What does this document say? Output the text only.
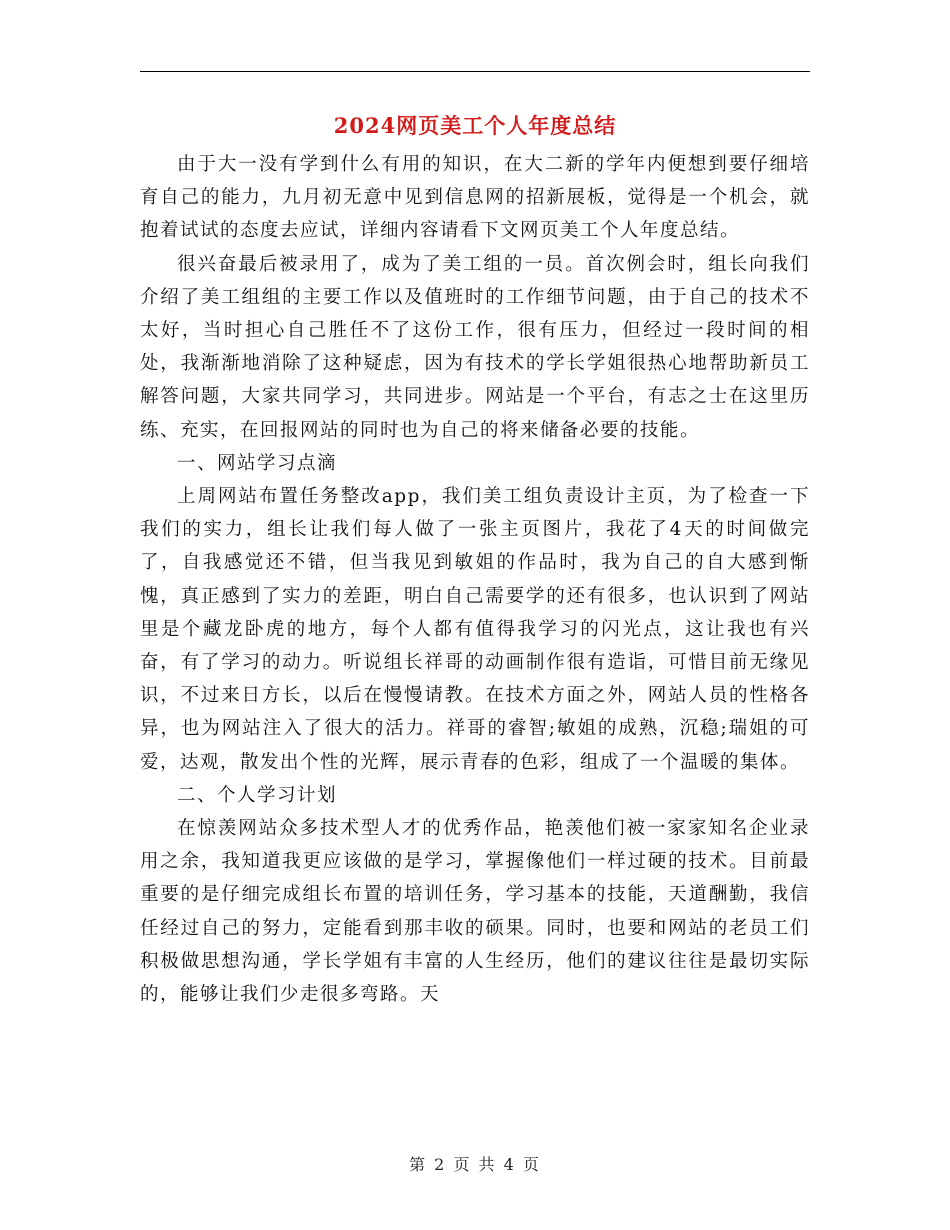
2024网页美工个人年度总结

由于大一没有学到什么有用的知识，在大二新的学年内便想到要仔细培育自己的能力，九月初无意中见到信息网的招新展板，觉得是一个机会，就抱着试试的态度去应试，详细内容请看下文网页美工个人年度总结。

很兴奋最后被录用了，成为了美工组的一员。首次例会时，组长向我们介绍了美工组组的主要工作以及值班时的工作细节问题，由于自己的技术不太好，当时担心自己胜任不了这份工作，很有压力，但经过一段时间的相处，我渐渐地消除了这种疑虑，因为有技术的学长学姐很热心地帮助新员工解答问题，大家共同学习，共同进步。网站是一个平台，有志之士在这里历练、充实，在回报网站的同时也为自己的将来储备必要的技能。

一、网站学习点滴

上周网站布置任务整改app，我们美工组负责设计主页，为了检查一下我们的实力，组长让我们每人做了一张主页图片，我花了4天的时间做完了，自我感觉还不错，但当我见到敏姐的作品时，我为自己的自大感到惭愧，真正感到了实力的差距，明白自己需要学的还有很多，也认识到了网站里是个藏龙卧虎的地方，每个人都有值得我学习的闪光点，这让我也有兴奋，有了学习的动力。听说组长祥哥的动画制作很有造诣，可惜目前无缘见识，不过来日方长，以后在慢慢请教。在技术方面之外，网站人员的性格各异，也为网站注入了很大的活力。祥哥的睿智;敏姐的成熟，沉稳;瑞姐的可爱，达观，散发出个性的光辉，展示青春的色彩，组成了一个温暖的集体。

二、个人学习计划

在惊羡网站众多技术型人才的优秀作品，艳羡他们被一家家知名企业录用之余，我知道我更应该做的是学习，掌握像他们一样过硬的技术。目前最重要的是仔细完成组长布置的培训任务，学习基本的技能，天道酬勤，我信任经过自己的努力，定能看到那丰收的硕果。同时，也要和网站的老员工们积极做思想沟通，学长学姐有丰富的人生经历，他们的建议往往是最切实际的，能够让我们少走很多弯路。天

第 2 页 共 4 页
